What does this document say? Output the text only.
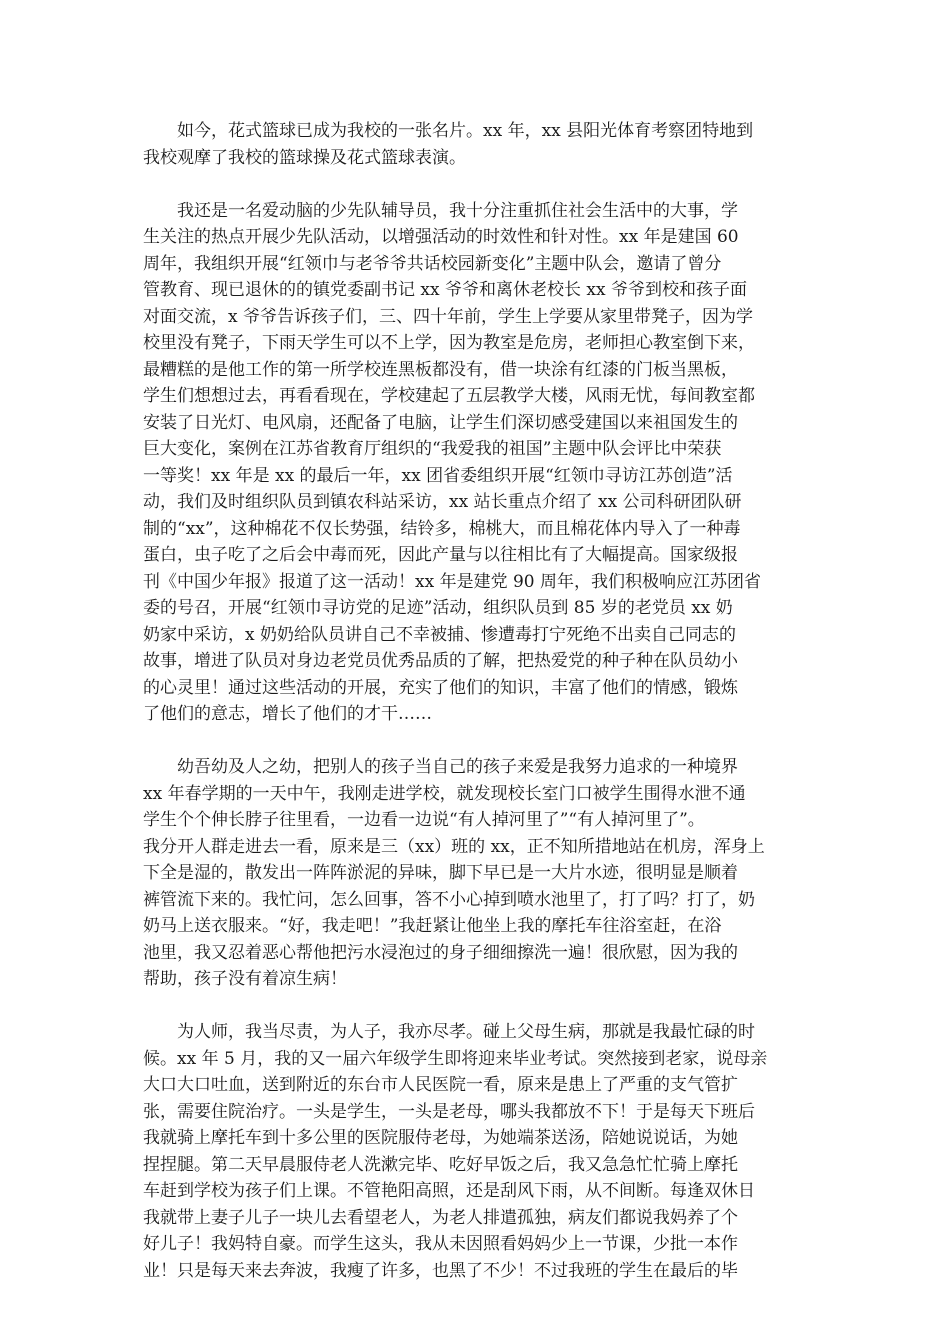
如今，花式篮球已成为我校的一张名片。xx 年，xx 县阳光体育考察团特地到
我校观摩了我校的篮球操及花式篮球表演。
我还是一名爱动脑的少先队辅导员，我十分注重抓住社会生活中的大事，学
生关注的热点开展少先队活动，以增强活动的时效性和针对性。xx 年是建国 60
周年，我组织开展“红领巾与老爷爷共话校园新变化”主题中队会，邀请了曾分
管教育、现已退休的的镇党委副书记 xx 爷爷和离休老校长 xx 爷爷到校和孩子面
对面交流，x 爷爷告诉孩子们，三、四十年前，学生上学要从家里带凳子，因为学
校里没有凳子，下雨天学生可以不上学，因为教室是危房，老师担心教室倒下来，
最糟糕的是他工作的第一所学校连黑板都没有，借一块涂有红漆的门板当黑板，
学生们想想过去，再看看现在，学校建起了五层教学大楼，风雨无忧，每间教室都
安装了日光灯、电风扇，还配备了电脑，让学生们深切感受建国以来祖国发生的
巨大变化，案例在江苏省教育厅组织的“我爱我的祖国”主题中队会评比中荣获
一等奖！xx 年是 xx 的最后一年，xx 团省委组织开展“红领巾寻访江苏创造”活
动，我们及时组织队员到镇农科站采访，xx 站长重点介绍了 xx 公司科研团队研
制的“xx”，这种棉花不仅长势强，结铃多，棉桃大，而且棉花体内导入了一种毒
蛋白，虫子吃了之后会中毒而死，因此产量与以往相比有了大幅提高。国家级报
刊《中国少年报》报道了这一活动！xx 年是建党 90 周年，我们积极响应江苏团省
委的号召，开展“红领巾寻访党的足迹”活动，组织队员到 85 岁的老党员 xx 奶
奶家中采访，x 奶奶给队员讲自己不幸被捕、惨遭毒打宁死绝不出卖自己同志的
故事，增进了队员对身边老党员优秀品质的了解，把热爱党的种子种在队员幼小
的心灵里！通过这些活动的开展，充实了他们的知识，丰富了他们的情感，锻炼
了他们的意志，增长了他们的才干……
幼吾幼及人之幼，把别人的孩子当自己的孩子来爱是我努力追求的一种境界
xx 年春学期的一天中午，我刚走进学校，就发现校长室门口被学生围得水泄不通
学生个个伸长脖子往里看，一边看一边说“有人掉河里了”“有人掉河里了”。
我分开人群走进去一看，原来是三（xx）班的 xx，正不知所措地站在机房，浑身上
下全是湿的，散发出一阵阵淤泥的异味，脚下早已是一大片水迹，很明显是顺着
裤管流下来的。我忙问，怎么回事，答不小心掉到喷水池里了，打了吗？打了，奶
奶马上送衣服来。“好，我走吧！”我赶紧让他坐上我的摩托车往浴室赶，在浴
池里，我又忍着恶心帮他把污水浸泡过的身子细细擦洗一遍！很欣慰，因为我的
帮助，孩子没有着凉生病！
为人师，我当尽责，为人子，我亦尽孝。碰上父母生病，那就是我最忙碌的时
候。xx 年 5 月，我的又一届六年级学生即将迎来毕业考试。突然接到老家，说母亲
大口大口吐血，送到附近的东台市人民医院一看，原来是患上了严重的支气管扩
张，需要住院治疗。一头是学生，一头是老母，哪头我都放不下！于是每天下班后
我就骑上摩托车到十多公里的医院服侍老母，为她端茶送汤，陪她说说话，为她
捏捏腿。第二天早晨服侍老人洗漱完毕、吃好早饭之后，我又急急忙忙骑上摩托
车赶到学校为孩子们上课。不管艳阳高照，还是刮风下雨，从不间断。每逢双休日
我就带上妻子儿子一块儿去看望老人，为老人排遣孤独，病友们都说我妈养了个
好儿子！我妈特自豪。而学生这头，我从未因照看妈妈少上一节课，少批一本作
业！只是每天来去奔波，我瘦了许多，也黑了不少！不过我班的学生在最后的毕
